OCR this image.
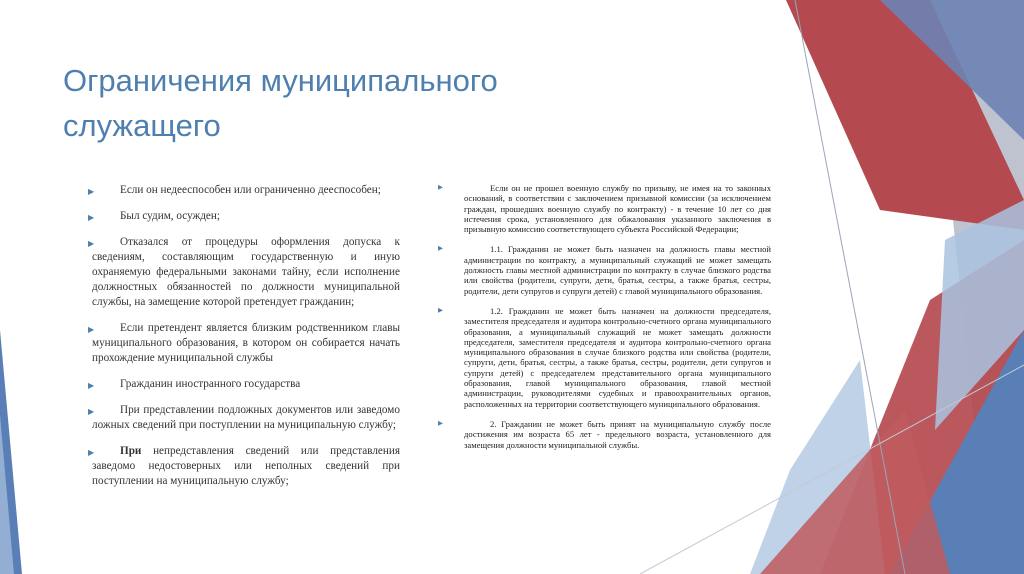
Ограничения муниципального служащего
▶ Если он недееспособен или ограниченно дееспособен;
▶ Был судим, осужден;
▶ Отказался от процедуры оформления допуска к сведениям, составляющим государственную и иную охраняемую федеральными законами тайну, если исполнение должностных обязанностей по должности муниципальной службы, на замещение которой претендует гражданин;
▶ Если претендент является близким родственником главы муниципального образования, в котором он собирается начать прохождение муниципальной службы
▶ Гражданин иностранного государства
▶ При представлении подложных документов или заведомо ложных сведений при поступлении на муниципальную службу;
▶ При непредставления сведений или представления заведомо недостоверных или неполных сведений при поступлении на муниципальную службу;
▶	Если он не прошел военную службу по призыву, не имея на то законных оснований, в соответствии с заключением призывной комиссии (за исключением граждан, прошедших военную службу по контракту) - в течение 10 лет со дня истечения срока, установленного для обжалования указанного заключения в призывную комиссию соответствующего субъекта Российской Федерации;
▶	1.1. Гражданин не может быть назначен на должность главы местной администрации по контракту, а муниципальный служащий не может замещать должность главы местной администрации по контракту в случае близкого родства или свойства (родители, супруги, дети, братья, сестры, а также братья, сестры, родители, дети супругов и супруги детей) с главой муниципального образования.
▶	1.2. Гражданин не может быть назначен на должности председателя, заместителя председателя и аудитора контрольно-счетного органа муниципального образования, а муниципальный служащий не может замещать должности председателя, заместителя председателя и аудитора контрольно-счетного органа муниципального образования в случае близкого родства или свойства (родители, супруги, дети, братья, сестры, а также братья, сестры, родители, дети супругов и супруги детей) с председателем представительного органа муниципального образования, главой муниципального образования, главой местной администрации, руководителями судебных и правоохранительных органов, расположенных на территории соответствующего муниципального образования.
▶	2. Гражданин не может быть принят на муниципальную службу после достижения им возраста 65 лет - предельного возраста, установленного для замещения должности муниципальной службы.
